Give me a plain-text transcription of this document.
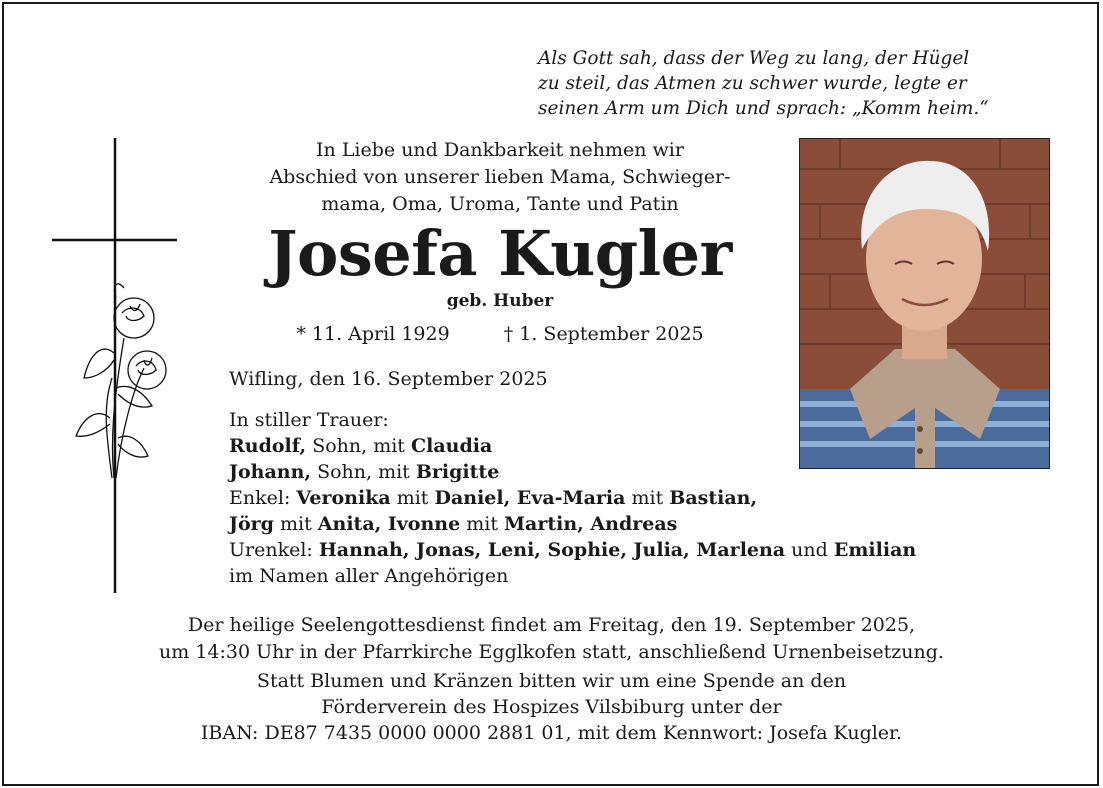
Als Gott sah, dass der Weg zu lang, der Hügel
zu steil, das Atmen zu schwer wurde, legte er
seinen Arm um Dich und sprach: „Komm heim.“
In Liebe und Dankbarkeit nehmen wir
Abschied von unserer lieben Mama, Schwieger-
mama, Oma, Uroma, Tante und Patin
Josefa Kugler
geb. Huber
* 11. April 1929	† 1. September 2025
Wifling, den 16. September 2025
In stiller Trauer:
Rudolf, Sohn, mit Claudia
Johann, Sohn, mit Brigitte
Enkel: Veronika mit Daniel, Eva-Maria mit Bastian,
Jörg mit Anita, Ivonne mit Martin, Andreas
Urenkel: Hannah, Jonas, Leni, Sophie, Julia, Marlena und Emilian
im Namen aller Angehörigen
Der heilige Seelengottesdienst findet am Freitag, den 19. September 2025,
um 14:30 Uhr in der Pfarrkirche Egglkofen statt, anschließend Urnenbeisetzung.
Statt Blumen und Kränzen bitten wir um eine Spende an den
Förderverein des Hospizes Vilsbiburg unter der
IBAN: DE87 7435 0000 0000 2881 01, mit dem Kennwort: Josefa Kugler.
